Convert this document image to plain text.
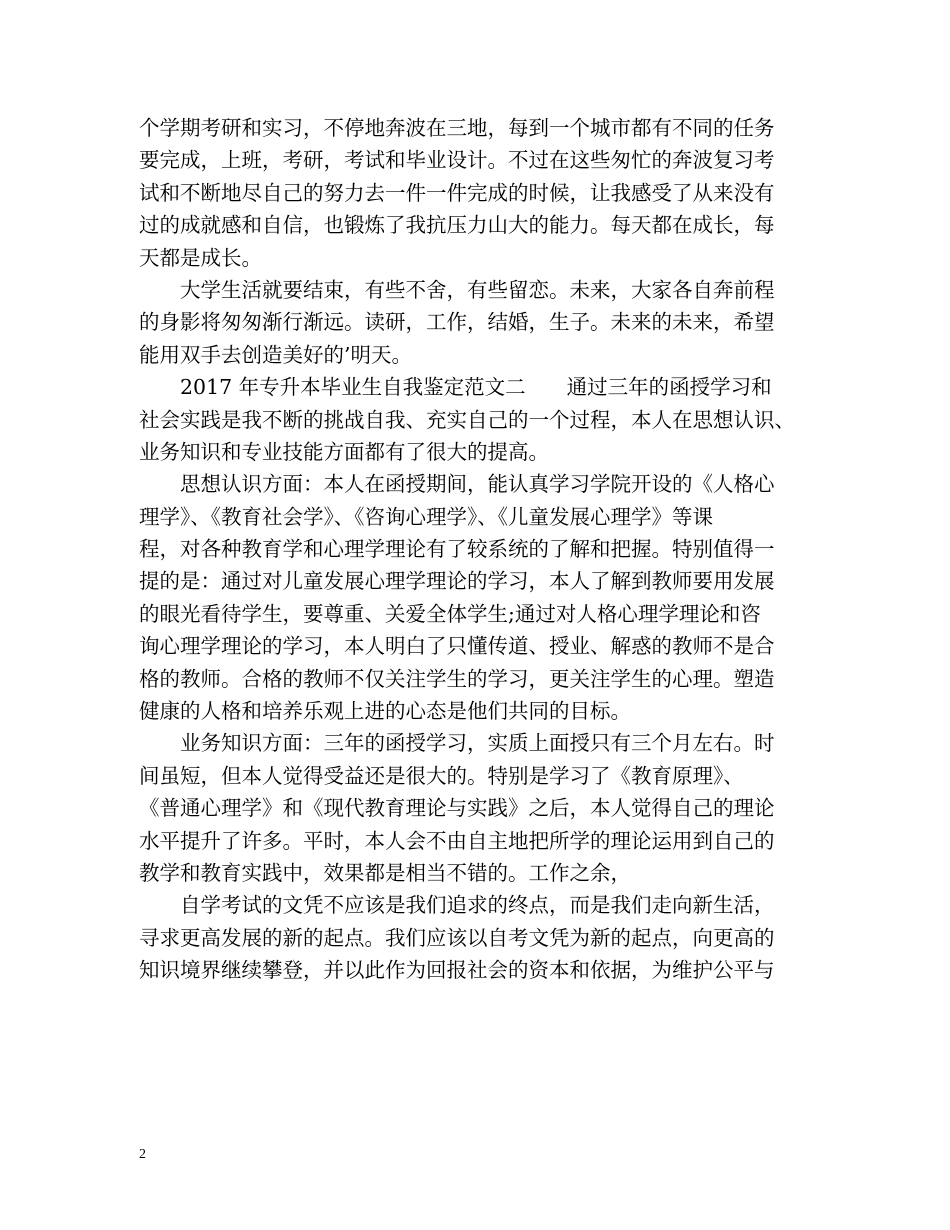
个学期考研和实习，不停地奔波在三地，每到一个城市都有不同的任务
要完成，上班，考研，考试和毕业设计。不过在这些匆忙的奔波复习考
试和不断地尽自己的努力去一件一件完成的时候，让我感受了从来没有
过的成就感和自信，也锻炼了我抗压力山大的能力。每天都在成长，每
天都是成长。
大学生活就要结束，有些不舍，有些留恋。未来，大家各自奔前程
的身影将匆匆渐行渐远。读研，工作，结婚，生子。未来的未来，希望
能用双手去创造美好的’明天。
2017 年专升本毕业生自我鉴定范文二　　通过三年的函授学习和
社会实践是我不断的挑战自我、充实自己的一个过程，本人在思想认识、
业务知识和专业技能方面都有了很大的提高。
思想认识方面：本人在函授期间，能认真学习学院开设的《人格心
理学》、《教育社会学》、《咨询心理学》、《儿童发展心理学》等课
程，对各种教育学和心理学理论有了较系统的了解和把握。特别值得一
提的是：通过对儿童发展心理学理论的学习，本人了解到教师要用发展
的眼光看待学生，要尊重、关爱全体学生;通过对人格心理学理论和咨
询心理学理论的学习，本人明白了只懂传道、授业、解惑的教师不是合
格的教师。合格的教师不仅关注学生的学习，更关注学生的心理。塑造
健康的人格和培养乐观上进的心态是他们共同的目标。
业务知识方面：三年的函授学习，实质上面授只有三个月左右。时
间虽短，但本人觉得受益还是很大的。特别是学习了《教育原理》、
《普通心理学》和《现代教育理论与实践》之后，本人觉得自己的理论
水平提升了许多。平时，本人会不由自主地把所学的理论运用到自己的
教学和教育实践中，效果都是相当不错的。工作之余，
自学考试的文凭不应该是我们追求的终点，而是我们走向新生活，
寻求更高发展的新的起点。我们应该以自考文凭为新的起点，向更高的
知识境界继续攀登，并以此作为回报社会的资本和依据，为维护公平与
2
